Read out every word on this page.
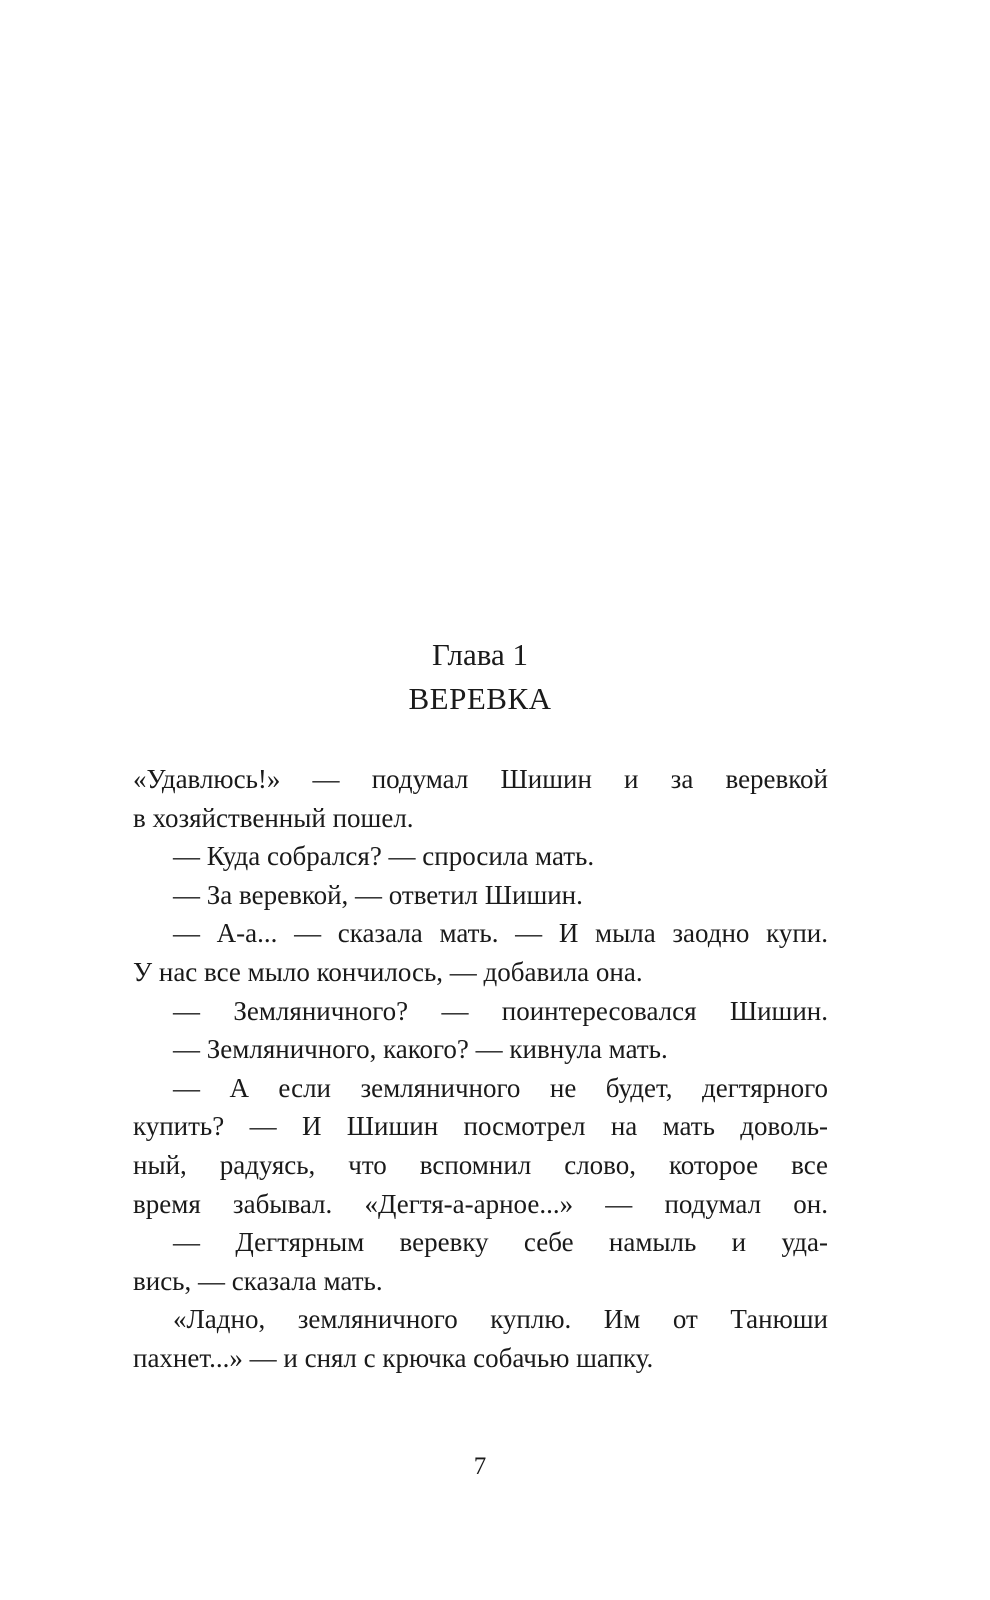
Глава 1
ВЕРЕВКА
«Удавлюсь!» — подумал Шишин и за веревкой
в хозяйственный пошел.
— Куда собрался? — спросила мать.
— За веревкой, — ответил Шишин.
— А-а... — сказала мать. — И мыла заодно купи.
У нас все мыло кончилось, — добавила она.
— Земляничного? — поинтересовался Шишин.
— Земляничного, какого? — кивнула мать.
— А если земляничного не будет, дегтярного
купить? — И Шишин посмотрел на мать доволь-
ный, радуясь, что вспомнил слово, которое все
время забывал. «Дегтя-а-арное...» — подумал он.
— Дегтярным веревку себе намыль и уда-
вись, — сказала мать.
«Ладно, земляничного куплю. Им от Танюши
пахнет...» — и снял с крючка собачью шапку.
7
